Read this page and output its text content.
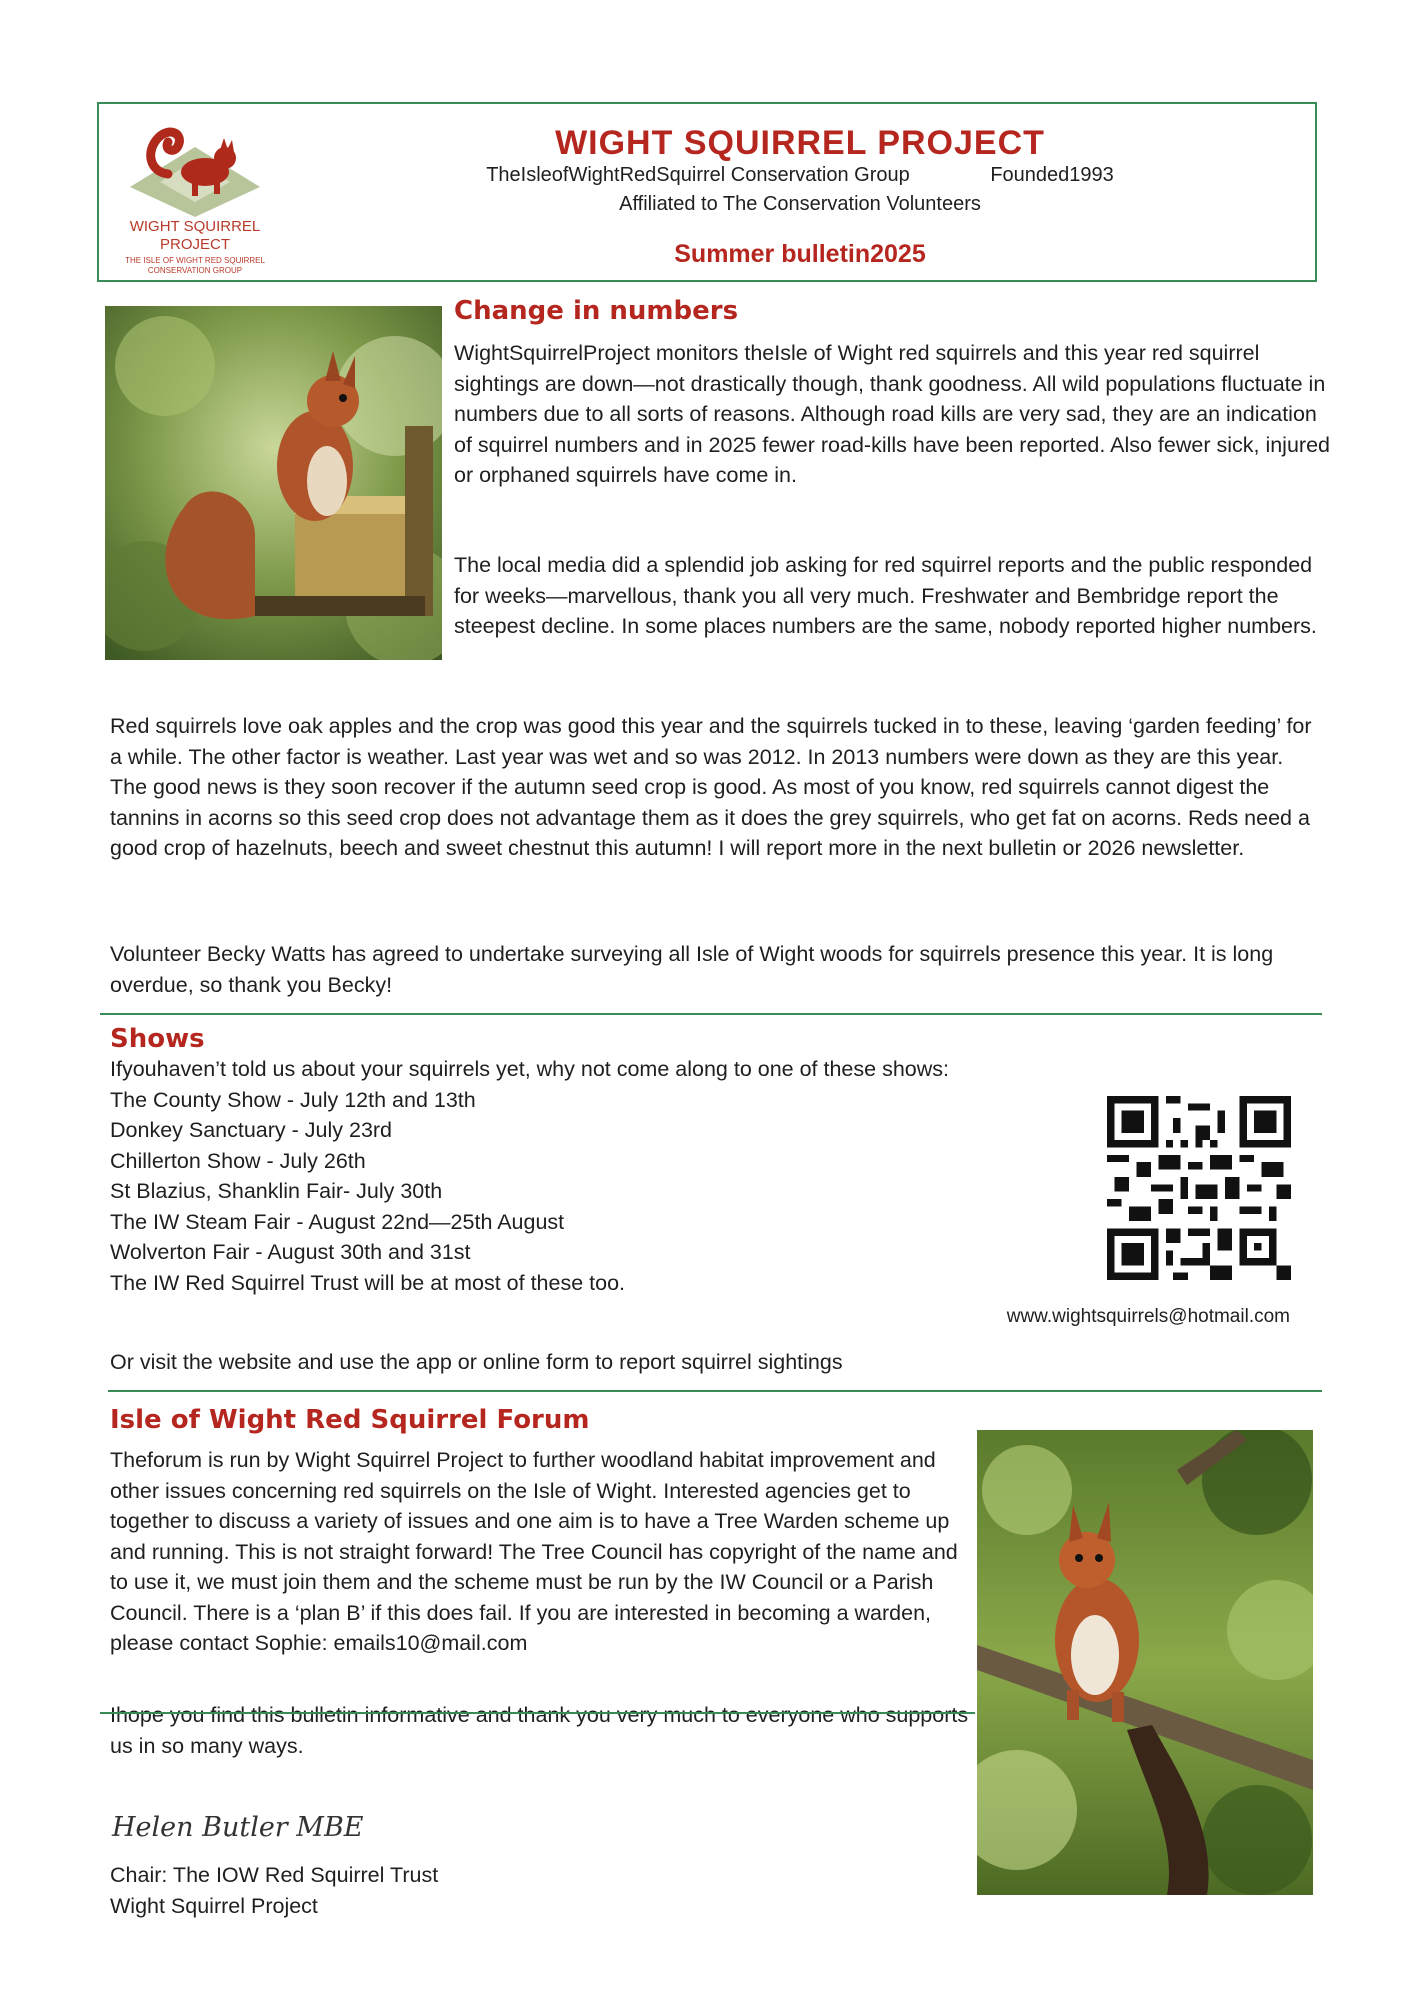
WIGHT SQUIRREL
PROJECT
THE ISLE OF WIGHT RED SQUIRREL
CONSERVATION GROUP
WIGHT SQUIRREL PROJECT
TheIsleofWightRedSquirrel Conservation Group	Founded1993
Affiliated to The Conservation Volunteers
Summer bulletin2025
Change in numbers

WightSquirrelProject monitors theIsle of Wight red squirrels and this year red squirrel sightings are down—not drastically though, thank goodness. All wild populations fluctuate in numbers due to all sorts of reasons. Although road kills are very sad, they are an indication of squirrel numbers and in 2025 fewer road-kills have been reported. Also fewer sick, injured or orphaned squirrels have come in.

The local media did a splendid job asking for red squirrel reports and the public responded for weeks—marvellous, thank you all very much. Freshwater and Bembridge report the steepest decline. In some places numbers are the same, nobody reported higher numbers.

Red squirrels love oak apples and the crop was good this year and the squirrels tucked in to these, leaving ‘garden feeding’ for a while. The other factor is weather. Last year was wet and so was 2012. In 2013 numbers were down as they are this year. The good news is they soon recover if the autumn seed crop is good. As most of you know, red squirrels cannot digest the tannins in acorns so this seed crop does not advantage them as it does the grey squirrels, who get fat on acorns. Reds need a good crop of hazelnuts, beech and sweet chestnut this autumn! I will report more in the next bulletin or 2026 newsletter.

Volunteer Becky Watts has agreed to undertake surveying all Isle of Wight woods for squirrels presence this year. It is long overdue, so thank you Becky!

Shows

Ifyouhaven’t told us about your squirrels yet, why not come along to one of these shows:

The County Show - July 12th and 13th

Donkey Sanctuary - July 23rd

Chillerton Show - July 26th

St Blazius, Shanklin Fair- July 30th

The IW Steam Fair - August 22nd—25th August

Wolverton Fair - August 30th and 31st

The IW Red Squirrel Trust will be at most of these too.

www.wightsquirrels@hotmail.com
Or visit the website and use the app or online form to report squirrel sightings
Isle of Wight Red Squirrel Forum

Theforum is run by Wight Squirrel Project to further woodland habitat improvement and other issues concerning red squirrels on the Isle of Wight. Interested agencies get to together to discuss a variety of issues and one aim is to have a Tree Warden scheme up and running. This is not straight forward! The Tree Council has copyright of the name and to use it, we must join them and the scheme must be run by the IW Council or a Parish Council. There is a ‘plan B’ if this does fail. If you are interested in becoming a warden, please contact Sophie: emails10@mail.com

Ihope you find this bulletin informative and thank you very much to everyone who supports us in so many ways.

Helen Butler MBE

Chair: The IOW Red Squirrel Trust

Wight Squirrel Project
